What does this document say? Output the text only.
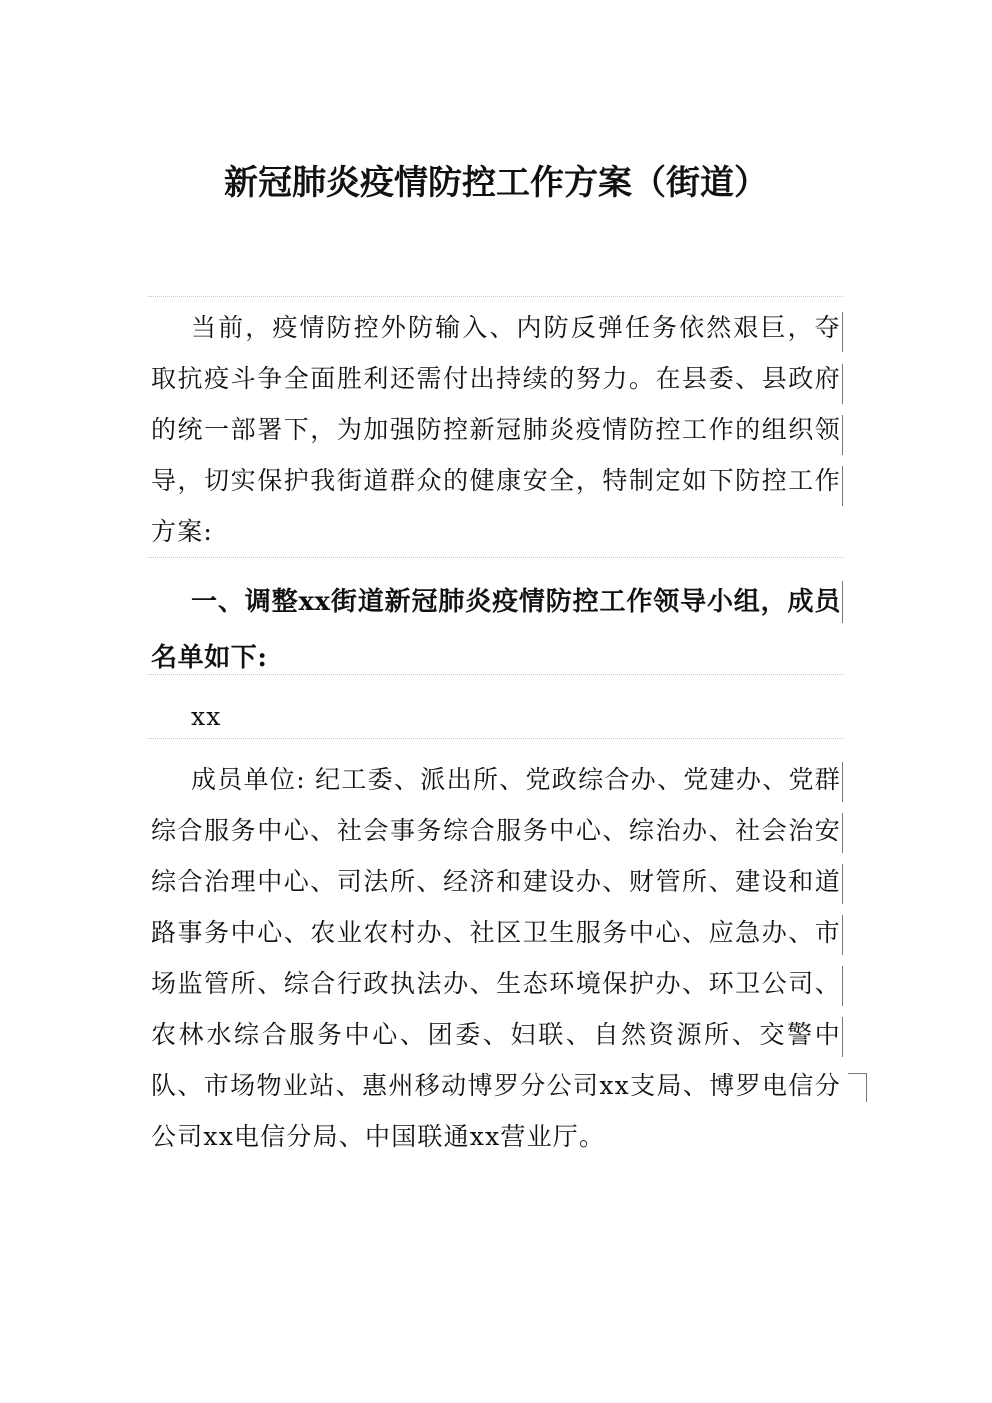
新冠肺炎疫情防控工作方案（街道）

当前，疫情防控外防输入、内防反弹任务依然艰巨，夺取抗疫斗争全面胜利还需付出持续的努力。在县委、县政府的统一部署下，为加强防控新冠肺炎疫情防控工作的组织领导，切实保护我街道群众的健康安全，特制定如下防控工作方案:

一、调整xx街道新冠肺炎疫情防控工作领导小组，成员名单如下:

xx

成员单位: 纪工委、派出所、党政综合办、党建办、党群综合服务中心、社会事务综合服务中心、综治办、社会治安综合治理中心、司法所、经济和建设办、财管所、建设和道路事务中心、农业农村办、社区卫生服务中心、应急办、市场监管所、综合行政执法办、生态环境保护办、环卫公司、农林水综合服务中心、团委、妇联、自然资源所、交警中队、市场物业站、惠州移动博罗分公司xx支局、博罗电信分公司xx电信分局、中国联通xx营业厅。
